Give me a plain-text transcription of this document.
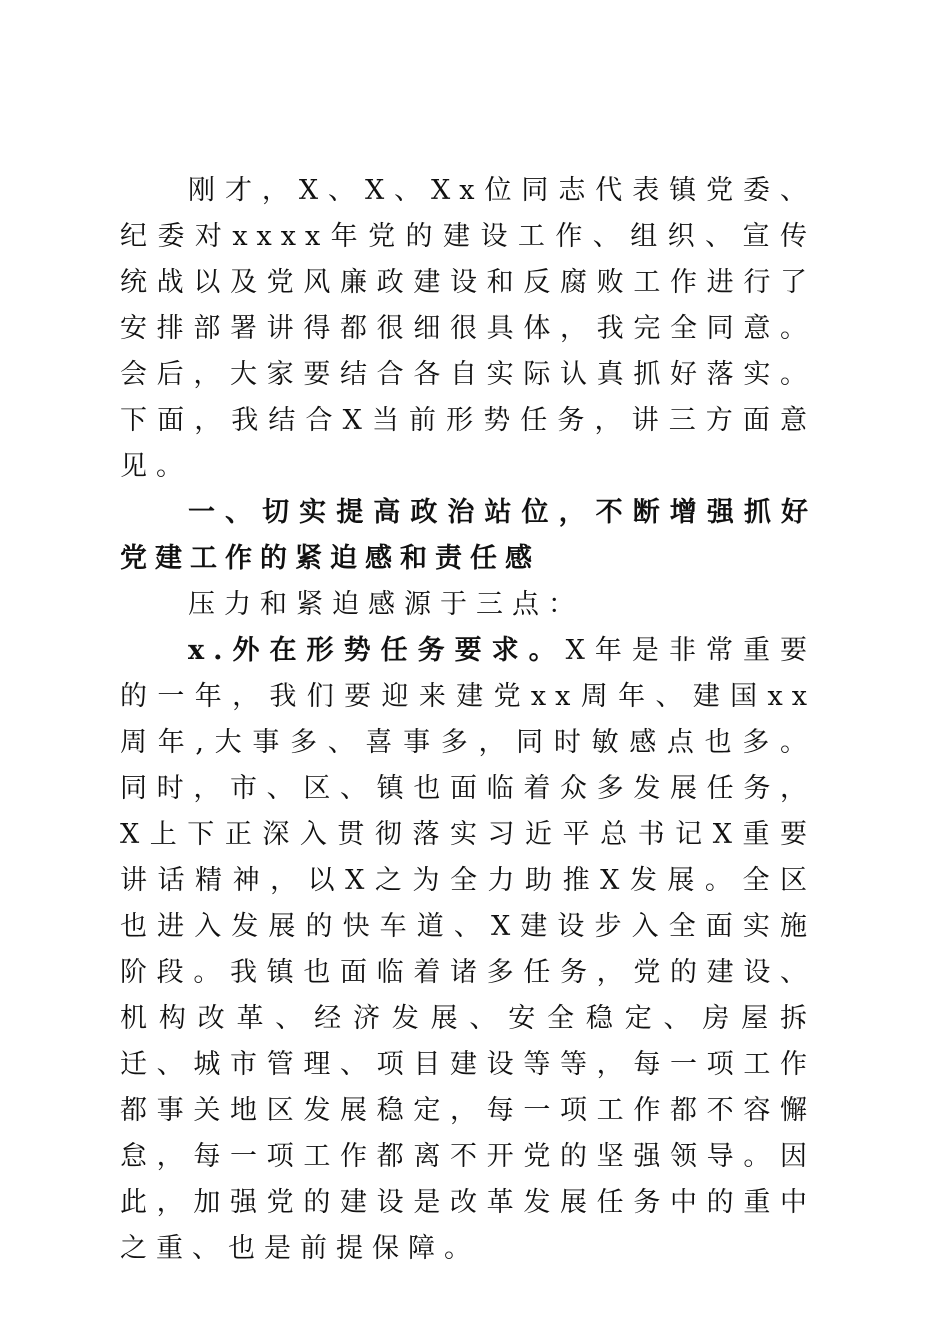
刚才，X、X、Xx位同志代表镇党委、纪委对xxxx年党的建设工作、组织、宣传统战以及党风廉政建设和反腐败工作进行了安排部署讲得都很细很具体，我完全同意。会后，大家要结合各自实际认真抓好落实。下面，我结合X当前形势任务，讲三方面意见。

一、切实提高政治站位，不断增强抓好党建工作的紧迫感和责任感

压力和紧迫感源于三点：

x.外在形势任务要求。X年是非常重要的一年，我们要迎来建党xx周年、建国xx周年,大事多、喜事多，同时敏感点也多。同时，市、区、镇也面临着众多发展任务，X上下正深入贯彻落实习近平总书记X重要讲话精神，以X之为全力助推X发展。全区也进入发展的快车道、X建设步入全面实施阶段。我镇也面临着诸多任务，党的建设、机构改革、经济发展、安全稳定、房屋拆迁、城市管理、项目建设等等，每一项工作都事关地区发展稳定，每一项工作都不容懈怠，每一项工作都离不开党的坚强领导。因此，加强党的建设是改革发展任务中的重中之重、也是前提保障。
